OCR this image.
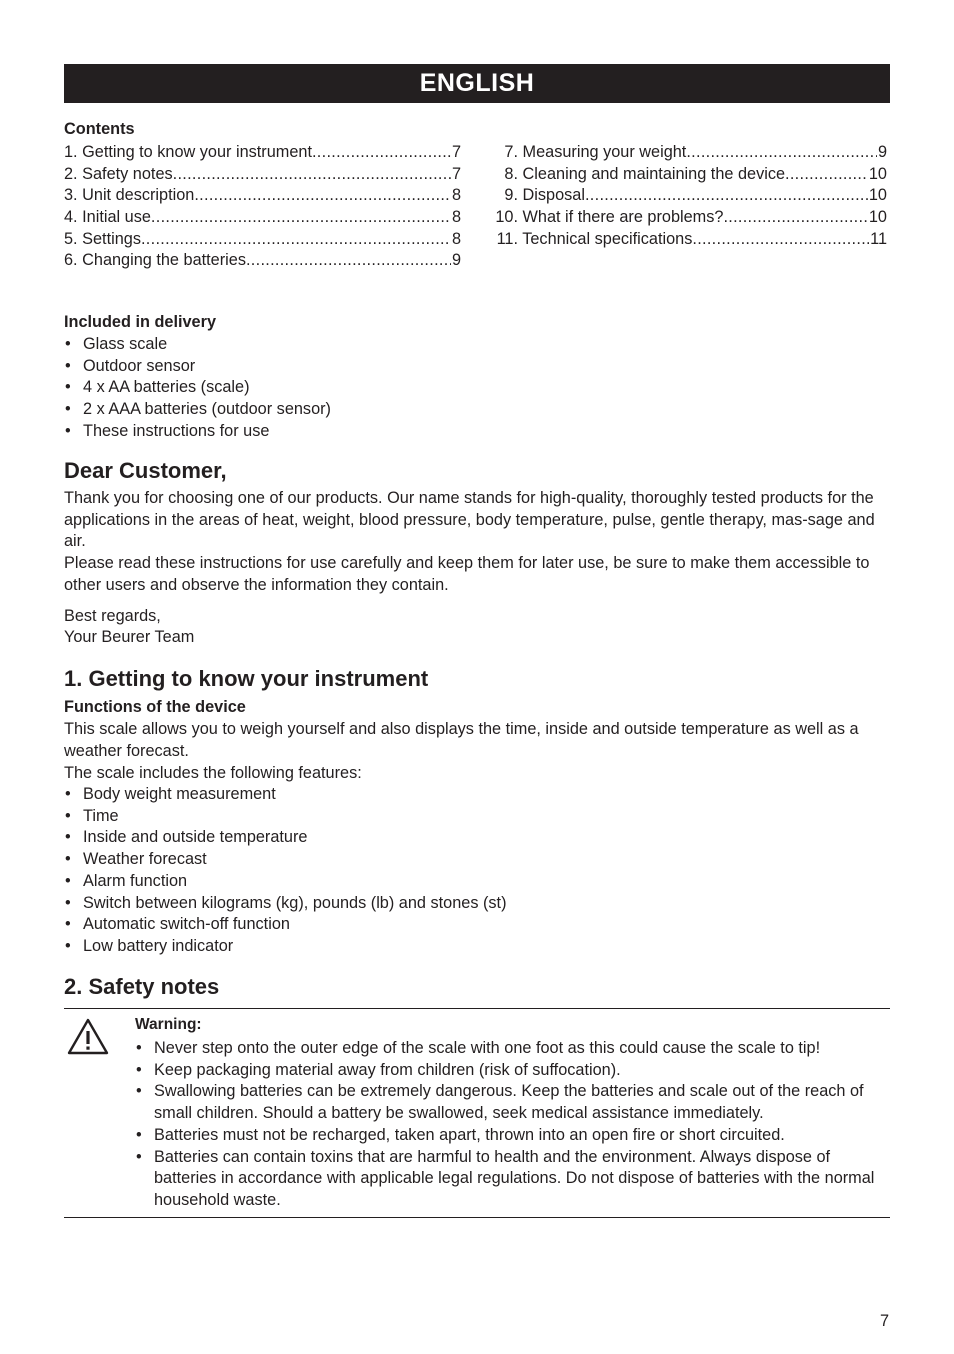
ENGLISH
Contents
1. Getting to know your instrument .....	7
2. Safety notes .....	7
3. Unit description .....	8
4. Initial use .....	8
5. Settings .....	8
6. Changing the batteries .....	9
7. Measuring your weight .....	9
8. Cleaning and maintaining the device .....	10
9. Disposal .....	10
10. What if there are problems? .....	10
11. Technical specifications .....	11
Included in delivery
• Glass scale
• Outdoor sensor
• 4 x AA batteries (scale)
• 2 x AAA batteries (outdoor sensor)
• These instructions for use
Dear Customer,

Thank you for choosing one of our products. Our name stands for high-quality, thoroughly tested products for the applications in the areas of heat, weight, blood pressure, body temperature, pulse, gentle therapy, mas-sage and air.

Please read these instructions for use carefully and keep them for later use, be sure to make them accessible to other users and observe the information they contain.

Best regards,
Your Beurer Team
1. Getting to know your instrument
Functions of the device

This scale allows you to weigh yourself and also displays the time, inside and outside temperature as well as a weather forecast.

The scale includes the following features:
• Body weight measurement
• Time
• Inside and outside temperature
• Weather forecast
• Alarm function
• Switch between kilograms (kg), pounds (lb) and stones (st)
• Automatic switch-off function
• Low battery indicator
2. Safety notes
Warning:
• Never step onto the outer edge of the scale with one foot as this could cause the scale to tip!
• Keep packaging material away from children (risk of suffocation).
• Swallowing batteries can be extremely dangerous. Keep the batteries and scale out of the reach of small children. Should a battery be swallowed, seek medical assistance immediately.
• Batteries must not be recharged, taken apart, thrown into an open fire or short circuited.
• Batteries can contain toxins that are harmful to health and the environment. Always dispose of batteries in accordance with applicable legal regulations. Do not dispose of batteries with the normal household waste.
7
